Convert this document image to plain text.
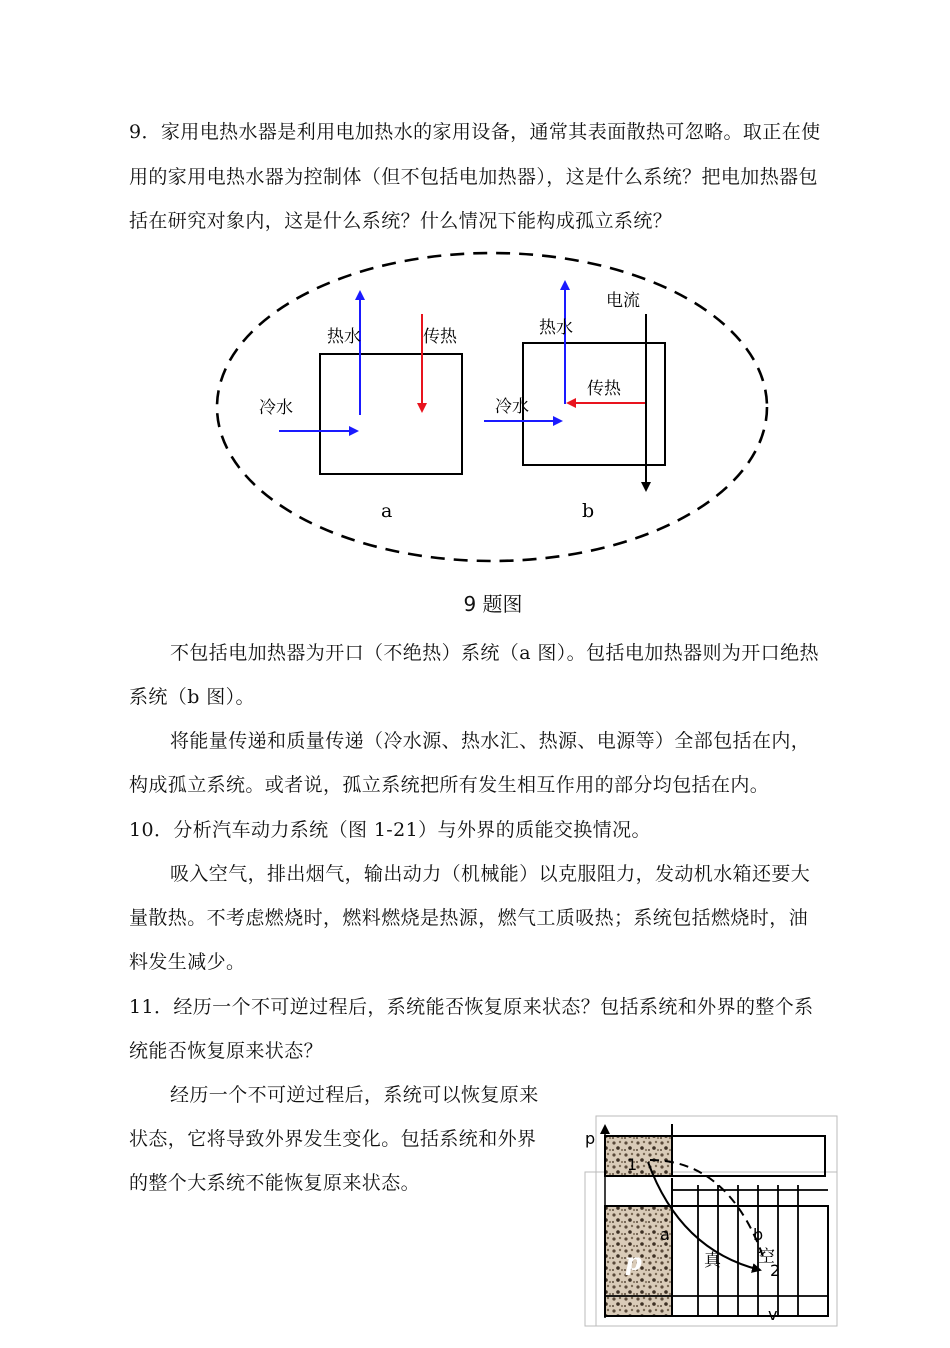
9．家用电热水器是利用电加热水的家用设备，通常其表面散热可忽略。取正在使

用的家用电热水器为控制体（但不包括电加热器），这是什么系统？把电加热器包

括在研究对象内，这是什么系统？什么情况下能构成孤立系统？

冷水
热水	传热
a
冷水
热水
传热
电流
b
p
v
1
2
a	b
p	真 空
9 题图

不包括电加热器为开口（不绝热）系统（a 图）。包括电加热器则为开口绝热

系统（b 图）。

将能量传递和质量传递（冷水源、热水汇、热源、电源等）全部包括在内，

构成孤立系统。或者说，孤立系统把所有发生相互作用的部分均包括在内。

10．分析汽车动力系统（图 1-21）与外界的质能交换情况。

吸入空气，排出烟气，输出动力（机械能）以克服阻力，发动机水箱还要大

量散热。不考虑燃烧时，燃料燃烧是热源，燃气工质吸热；系统包括燃烧时，油

料发生减少。

11．经历一个不可逆过程后，系统能否恢复原来状态？包括系统和外界的整个系

统能否恢复原来状态？

经历一个不可逆过程后，系统可以恢复原来

状态，它将导致外界发生变化。包括系统和外界

的整个大系统不能恢复原来状态。
